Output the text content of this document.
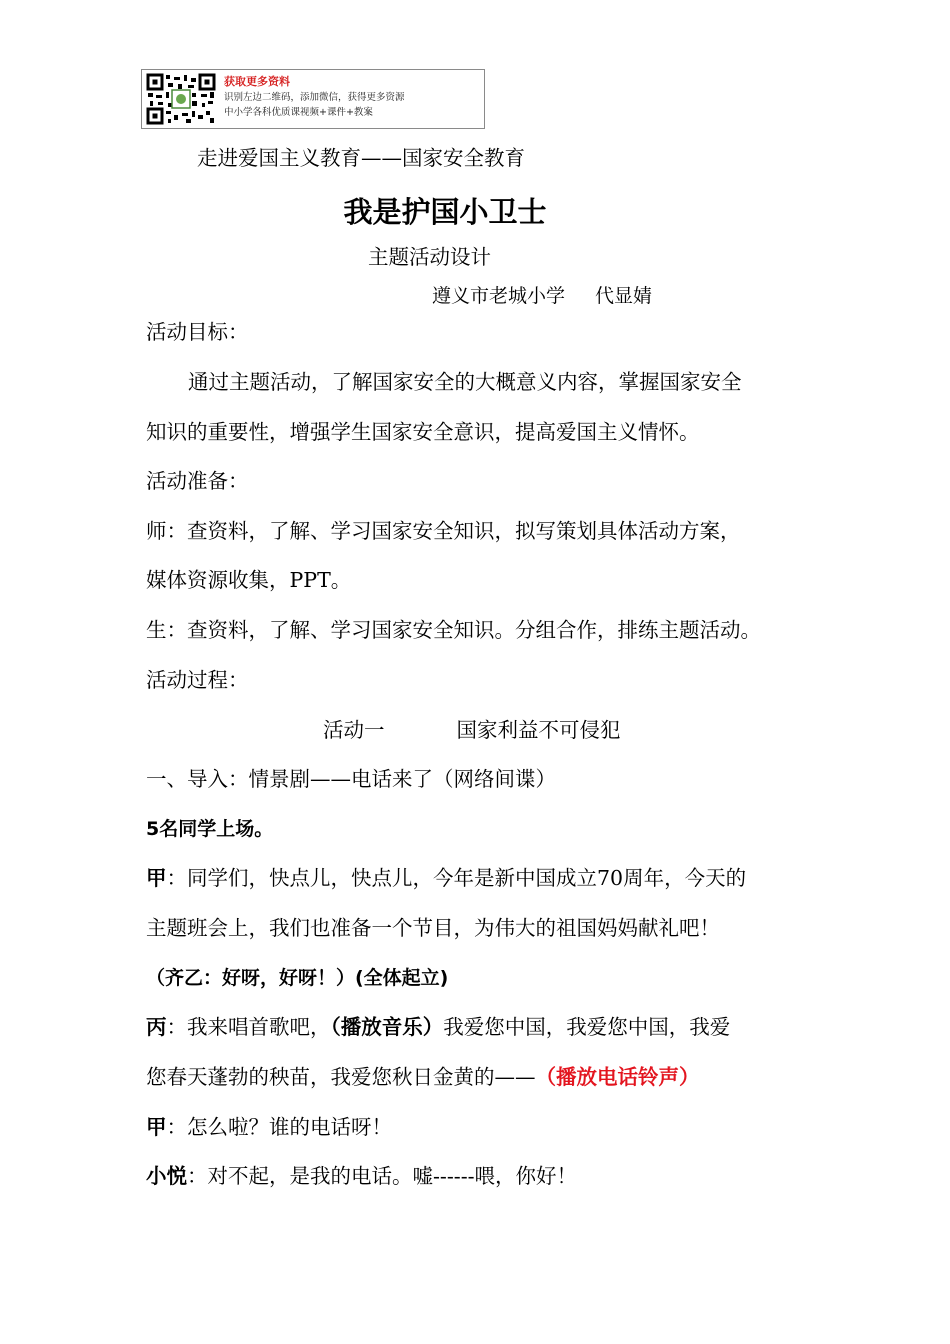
获取更多资料
识别左边二维码，添加微信，获得更多资源
中小学各科优质课视频+课件+教案
走进爱国主义教育——国家安全教育
我是护国小卫士
主题活动设计
遵义市老城小学 代显婧
活动目标：
通过主题活动，了解国家安全的大概意义内容，掌握国家安全
知识的重要性，增强学生国家安全意识，提高爱国主义情怀。
活动准备：
师：查资料，了解、学习国家安全知识，拟写策划具体活动方案，
媒体资源收集，PPT。
生：查资料，了解、学习国家安全知识。分组合作，排练主题活动。
活动过程：
活动一	国家利益不可侵犯
一、导入：情景剧——电话来了（网络间谍）
5名同学上场。
甲：同学们，快点儿，快点儿，今年是新中国成立70周年，今天的
主题班会上，我们也准备一个节目，为伟大的祖国妈妈献礼吧！
（齐乙：好呀，好呀！）(全体起立)
丙：我来唱首歌吧，（播放音乐）我爱您中国，我爱您中国，我爱
您春天蓬勃的秧苗，我爱您秋日金黄的——（播放电话铃声）
甲：怎么啦？谁的电话呀！
小悦：对不起，是我的电话。嘘------喂，你好！
